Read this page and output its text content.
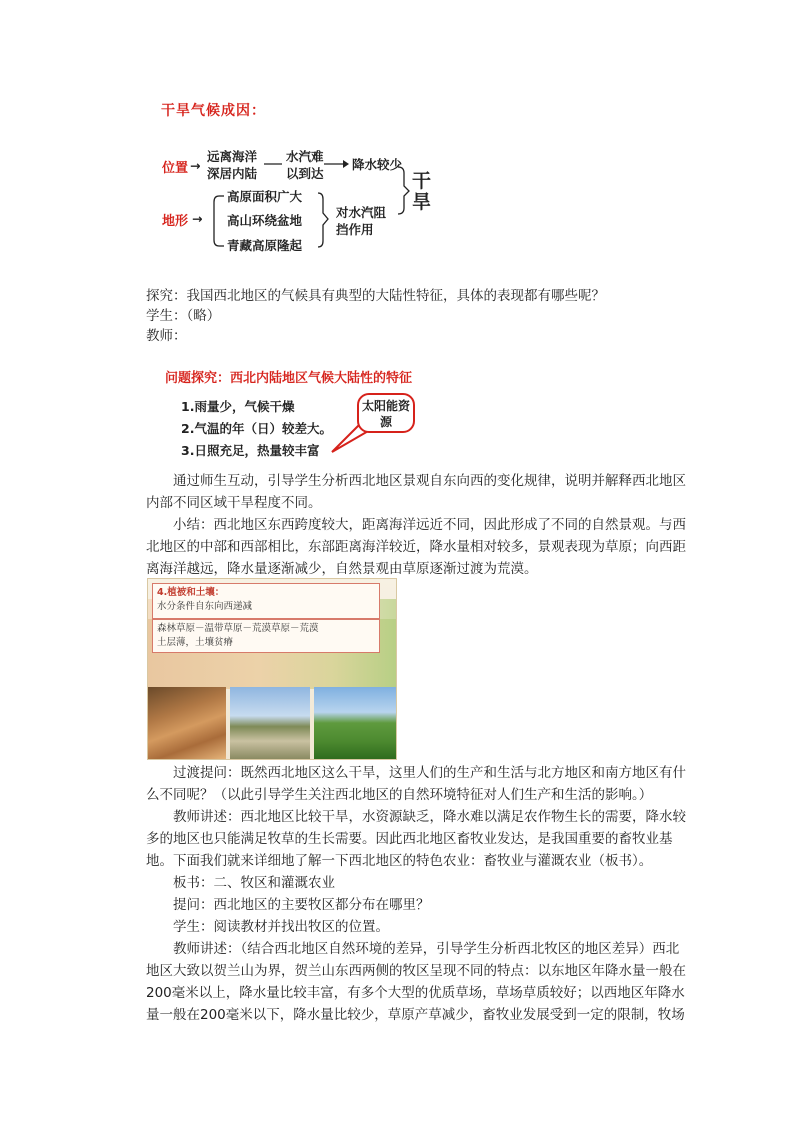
干旱气候成因：
位置 →
远离海洋
深居内陆
水汽难
以到达
降水较少
地形 →
高原面积广大
高山环绕盆地
青藏高原隆起
对水汽阻
挡作用
干
旱
探究：我国西北地区的气候具有典型的大陆性特征，具体的表现都有哪些呢？
学生：（略）
教师：
问题探究：西北内陆地区气候大陆性的特征
1.雨量少，气候干燥
2.气温的年（日）较差大。
3.日照充足，热量较丰富
太阳能资源
通过师生互动，引导学生分析西北地区景观自东向西的变化规律，说明并解释西北地区内部不同区域干旱程度不同。
小结：西北地区东西跨度较大，距离海洋远近不同，因此形成了不同的自然景观。与西北地区的中部和西部相比，东部距离海洋较近，降水量相对较多，景观表现为草原；向西距离海洋越远，降水量逐渐减少，自然景观由草原逐渐过渡为荒漠。
4.植被和土壤：
水分条件自东向西递减
森林草原－温带草原－荒漠草原－荒漠
土层薄，土壤贫瘠
过渡提问：既然西北地区这么干旱，这里人们的生产和生活与北方地区和南方地区有什么不同呢？（以此引导学生关注西北地区的自然环境特征对人们生产和生活的影响。）
教师讲述：西北地区比较干旱，水资源缺乏，降水难以满足农作物生长的需要，降水较多的地区也只能满足牧草的生长需要。因此西北地区畜牧业发达，是我国重要的畜牧业基地。下面我们就来详细地了解一下西北地区的特色农业：畜牧业与灌溉农业（板书）。
板书：二、牧区和灌溉农业
提问：西北地区的主要牧区都分布在哪里？
学生：阅读教材并找出牧区的位置。
教师讲述：（结合西北地区自然环境的差异，引导学生分析西北牧区的地区差异）西北地区大致以贺兰山为界，贺兰山东西两侧的牧区呈现不同的特点：以东地区年降水量一般在200毫米以上，降水量比较丰富，有多个大型的优质草场，草场草质较好；以西地区年降水量一般在200毫米以下，降水量比较少，草原产草减少，畜牧业发展受到一定的限制，牧场
